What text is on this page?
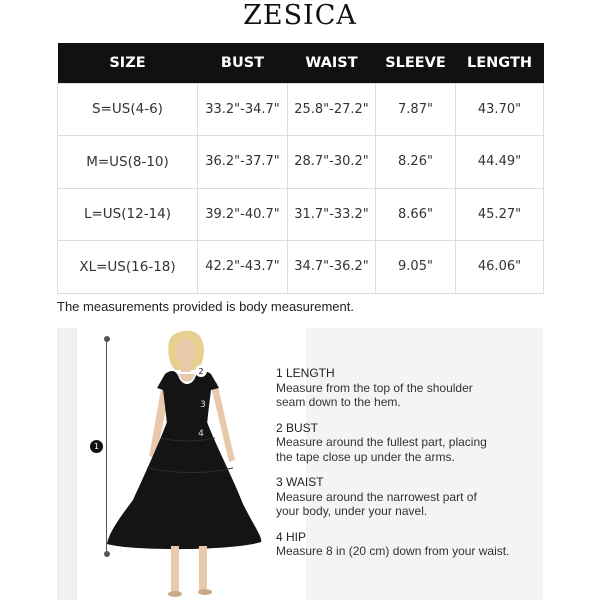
ZESICA
SIZE	BUST	WAIST	SLEEVE	LENGTH
S=US(4-6)	33.2"-34.7"	25.8"-27.2"	7.87"	43.70"
M=US(8-10)	36.2"-37.7"	28.7"-30.2"	8.26"	44.49"
L=US(12-14)	39.2"-40.7"	31.7"-33.2"	8.66"	45.27"
XL=US(16-18)	42.2"-43.7"	34.7"-36.2"	9.05"	46.06"
The measurements provided is body measurement.
1
2
3
4
1 LENGTH
Measure from the top of the shoulder seam down to the hem.
2 BUST
Measure around the fullest part, placing the tape close up under the arms.
3 WAIST
Measure around the narrowest part of your body, under your navel.
4 HIP
Measure 8 in (20 cm) down from your waist.
